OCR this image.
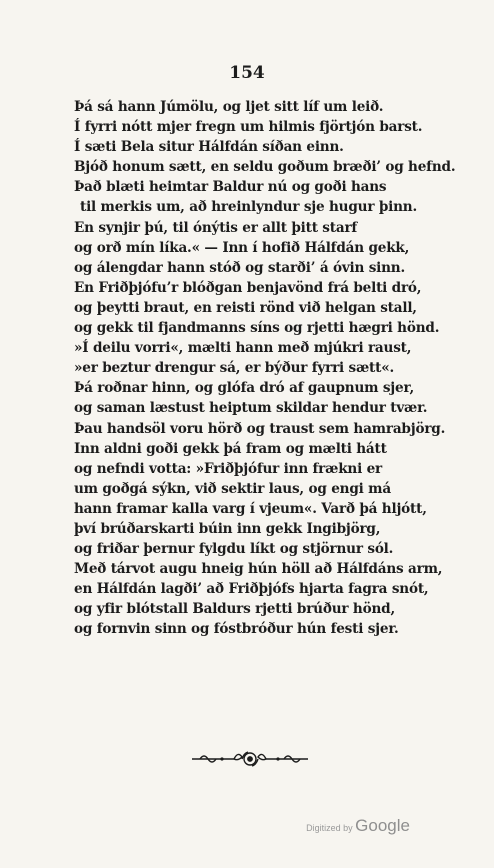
154
Þá sá hann Júmölu, og ljet sitt líf um leið.
Í fyrri nótt mjer fregn um hilmis fjörtjón barst.
Í sæti Bela situr Hálfdán síðan einn.
Bjóð honum sætt, en seldu goðum bræði’ og hefnd.
Það blæti heimtar Baldur nú og goði hans
til merkis um, að hreinlyndur sje hugur þinn.
En synjir þú, til ónýtis er allt þitt starf
og orð mín líka.« — Inn í hofið Hálfdán gekk,
og álengdar hann stóð og starði’ á óvin sinn.
En Friðþjófu’r blóðgan benjavönd frá belti dró,
og þeytti braut, en reisti rönd við helgan stall,
og gekk til fjandmanns síns og rjetti hægri hönd.
»Í deilu vorri«, mælti hann með mjúkri raust,
»er beztur drengur sá, er býður fyrri sætt«.
Þá roðnar hinn, og glófa dró af gaupnum sjer,
og saman læstust heiptum skildar hendur tvær.
Þau handsöl voru hörð og traust sem hamrabjörg.
Inn aldni goði gekk þá fram og mælti hátt
og nefndi votta: »Friðþjófur inn frækni er
um goðgá sýkn, við sektir laus, og engi má
hann framar kalla varg í vjeum«. Varð þá hljótt,
því brúðarskarti búin inn gekk Ingibjörg,
og friðar þernur fylgdu líkt og stjörnur sól.
Með tárvot augu hneig hún höll að Hálfdáns arm,
en Hálfdán lagði’ að Friðþjófs hjarta fagra snót,
og yfir blótstall Baldurs rjetti brúður hönd,
og fornvin sinn og fóstbróður hún festi sjer.
Digitized by Google
